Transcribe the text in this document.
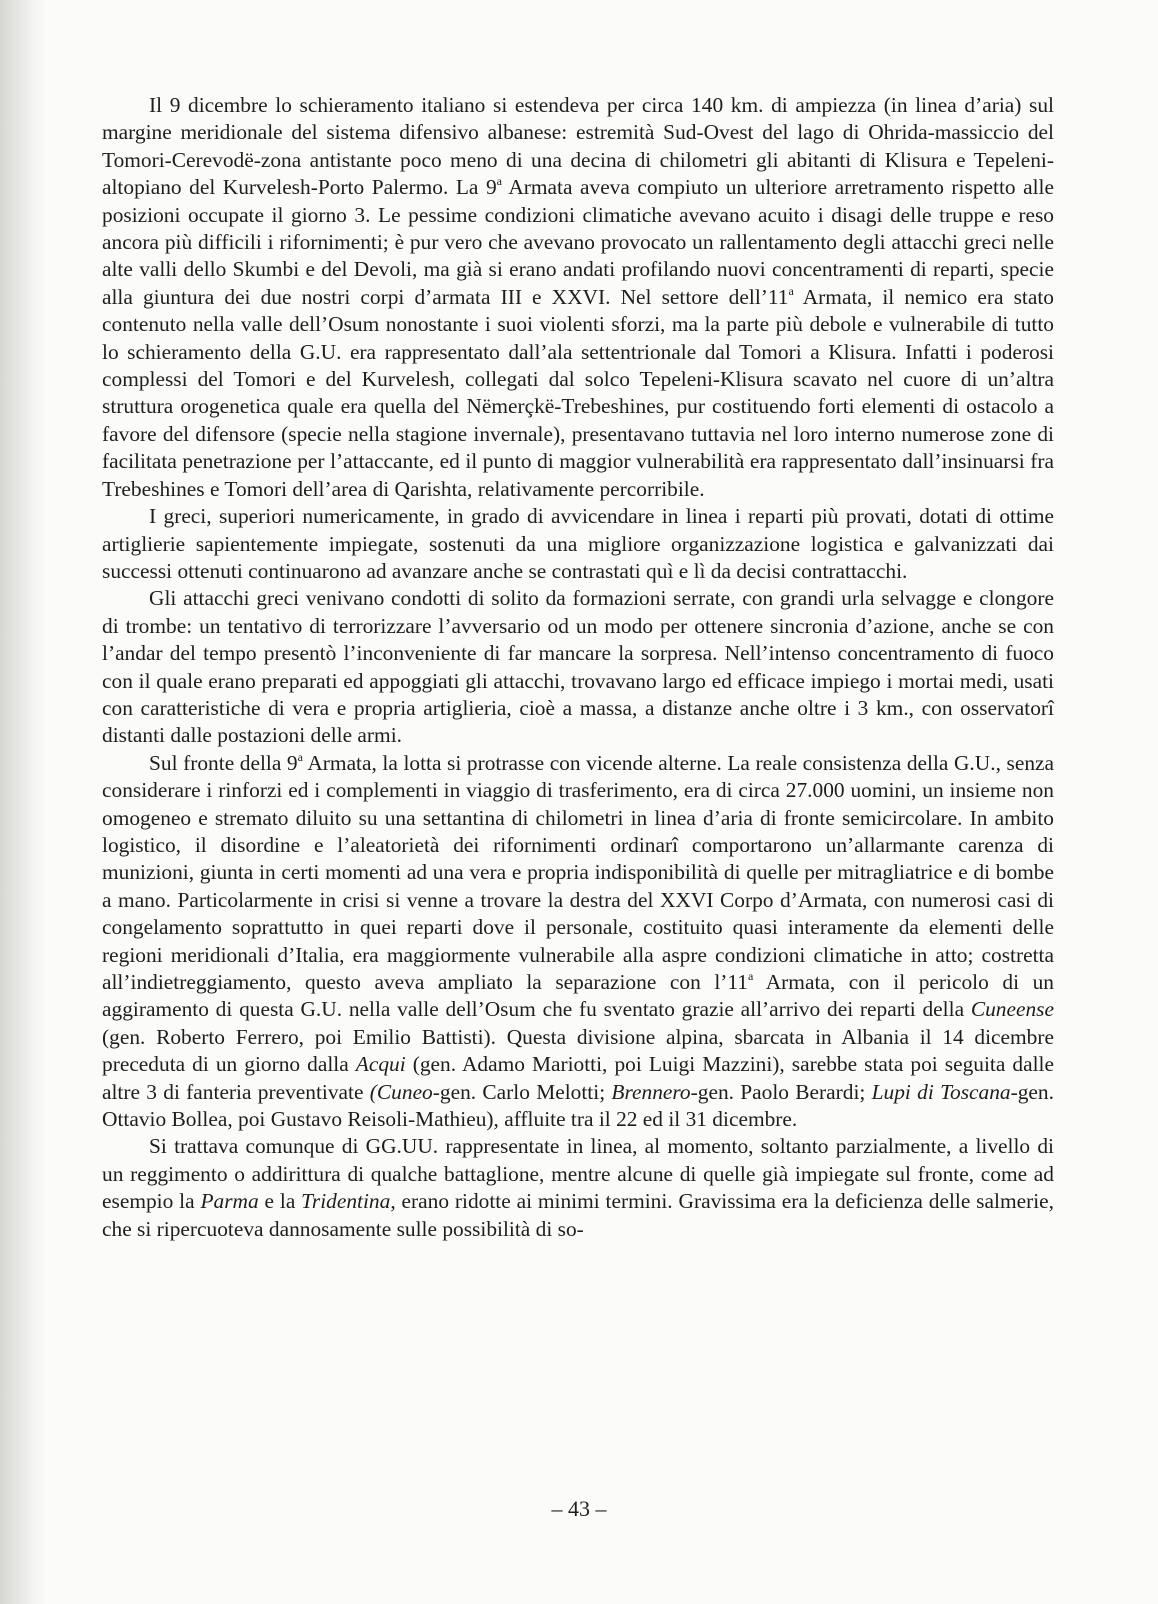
Il 9 dicembre lo schieramento italiano si estendeva per circa 140 km. di ampiezza (in linea d’aria) sul margine meridionale del sistema difensivo albanese: estremità Sud-Ovest del lago di Ohrida-massiccio del Tomori-Cerevodë-zona antistante poco meno di una decina di chilometri gli abitanti di Klisura e Tepeleni-altopiano del Kurvelesh-Porto Palermo. La 9$^a$ Armata aveva compiuto un ulteriore arretramento rispetto alle posizioni occupate il giorno 3. Le pessime condizioni climatiche avevano acuito i disagi delle truppe e reso ancora più difficili i rifornimenti; è pur vero che avevano provocato un rallentamento degli attacchi greci nelle alte valli dello Skumbi e del Devoli, ma già si erano andati profilando nuovi concentramenti di reparti, specie alla giuntura dei due nostri corpi d’armata III e XXVI. Nel settore dell’11$^a$ Armata, il nemico era stato contenuto nella valle dell’Osum nonostante i suoi violenti sforzi, ma la parte più debole e vulnerabile di tutto lo schieramento della G.U. era rappresentato dall’ala settentrionale dal Tomori a Klisura. Infatti i poderosi complessi del Tomori e del Kurvelesh, collegati dal solco Tepeleni-Klisura scavato nel cuore di un’altra struttura orogenetica quale era quella del Nëmerçkë-Trebeshines, pur costituendo forti elementi di ostacolo a favore del difensore (specie nella stagione invernale), presentavano tuttavia nel loro interno numerose zone di facilitata penetrazione per l’attaccante, ed il punto di maggior vulnerabilità era rappresentato dall’insinuarsi fra Trebeshines e Tomori dell’area di Qarishta, relativamente percorribile.

I greci, superiori numericamente, in grado di avvicendare in linea i reparti più provati, dotati di ottime artiglierie sapientemente impiegate, sostenuti da una migliore organizzazione logistica e galvanizzati dai successi ottenuti continuarono ad avanzare anche se contrastati quì e lì da decisi contrattacchi.

Gli attacchi greci venivano condotti di solito da formazioni serrate, con grandi urla selvagge e clongore di trombe: un tentativo di terrorizzare l’avversario od un modo per ottenere sincronia d’azione, anche se con l’andar del tempo presentò l’inconveniente di far mancare la sorpresa. Nell’intenso concentramento di fuoco con il quale erano preparati ed appoggiati gli attacchi, trovavano largo ed efficace impiego i mortai medi, usati con caratteristiche di vera e propria artiglieria, cioè a massa, a distanze anche oltre i 3 km., con osservatorî distanti dalle postazioni delle armi.

Sul fronte della 9$^a$ Armata, la lotta si protrasse con vicende alterne. La reale consistenza della G.U., senza considerare i rinforzi ed i complementi in viaggio di trasferimento, era di circa 27.000 uomini, un insieme non omogeneo e stremato diluito su una settantina di chilometri in linea d’aria di fronte semicircolare. In ambito logistico, il disordine e l’aleatorietà dei rifornimenti ordinarî comportarono un’allarmante carenza di munizioni, giunta in certi momenti ad una vera e propria indisponibilità di quelle per mitragliatrice e di bombe a mano. Particolarmente in crisi si venne a trovare la destra del XXVI Corpo d’Armata, con numerosi casi di congelamento soprattutto in quei reparti dove il personale, costituito quasi interamente da elementi delle regioni meridionali d’Italia, era maggiormente vulnerabile alla aspre condizioni climatiche in atto; costretta all’indietreggiamento, questo aveva ampliato la separazione con l’11$^a$ Armata, con il pericolo di un aggiramento di questa G.U. nella valle dell’Osum che fu sventato grazie all’arrivo dei reparti della Cuneense (gen. Roberto Ferrero, poi Emilio Battisti). Questa divisione alpina, sbarcata in Albania il 14 dicembre preceduta di un giorno dalla Acqui (gen. Adamo Mariotti, poi Luigi Mazzini), sarebbe stata poi seguita dalle altre 3 di fanteria preventivate (Cuneo-gen. Carlo Melotti; Brennero-gen. Paolo Berardi; Lupi di Toscana-gen. Ottavio Bollea, poi Gustavo Reisoli-Mathieu), affluite tra il 22 ed il 31 dicembre.

Si trattava comunque di GG.UU. rappresentate in linea, al momento, soltanto parzialmente, a livello di un reggimento o addirittura di qualche battaglione, mentre alcune di quelle già impiegate sul fronte, come ad esempio la Parma e la Tridentina, erano ridotte ai minimi termini. Gravissima era la deficienza delle salmerie, che si ripercuoteva dannosamente sulle possibilità di so-

– 43 –
